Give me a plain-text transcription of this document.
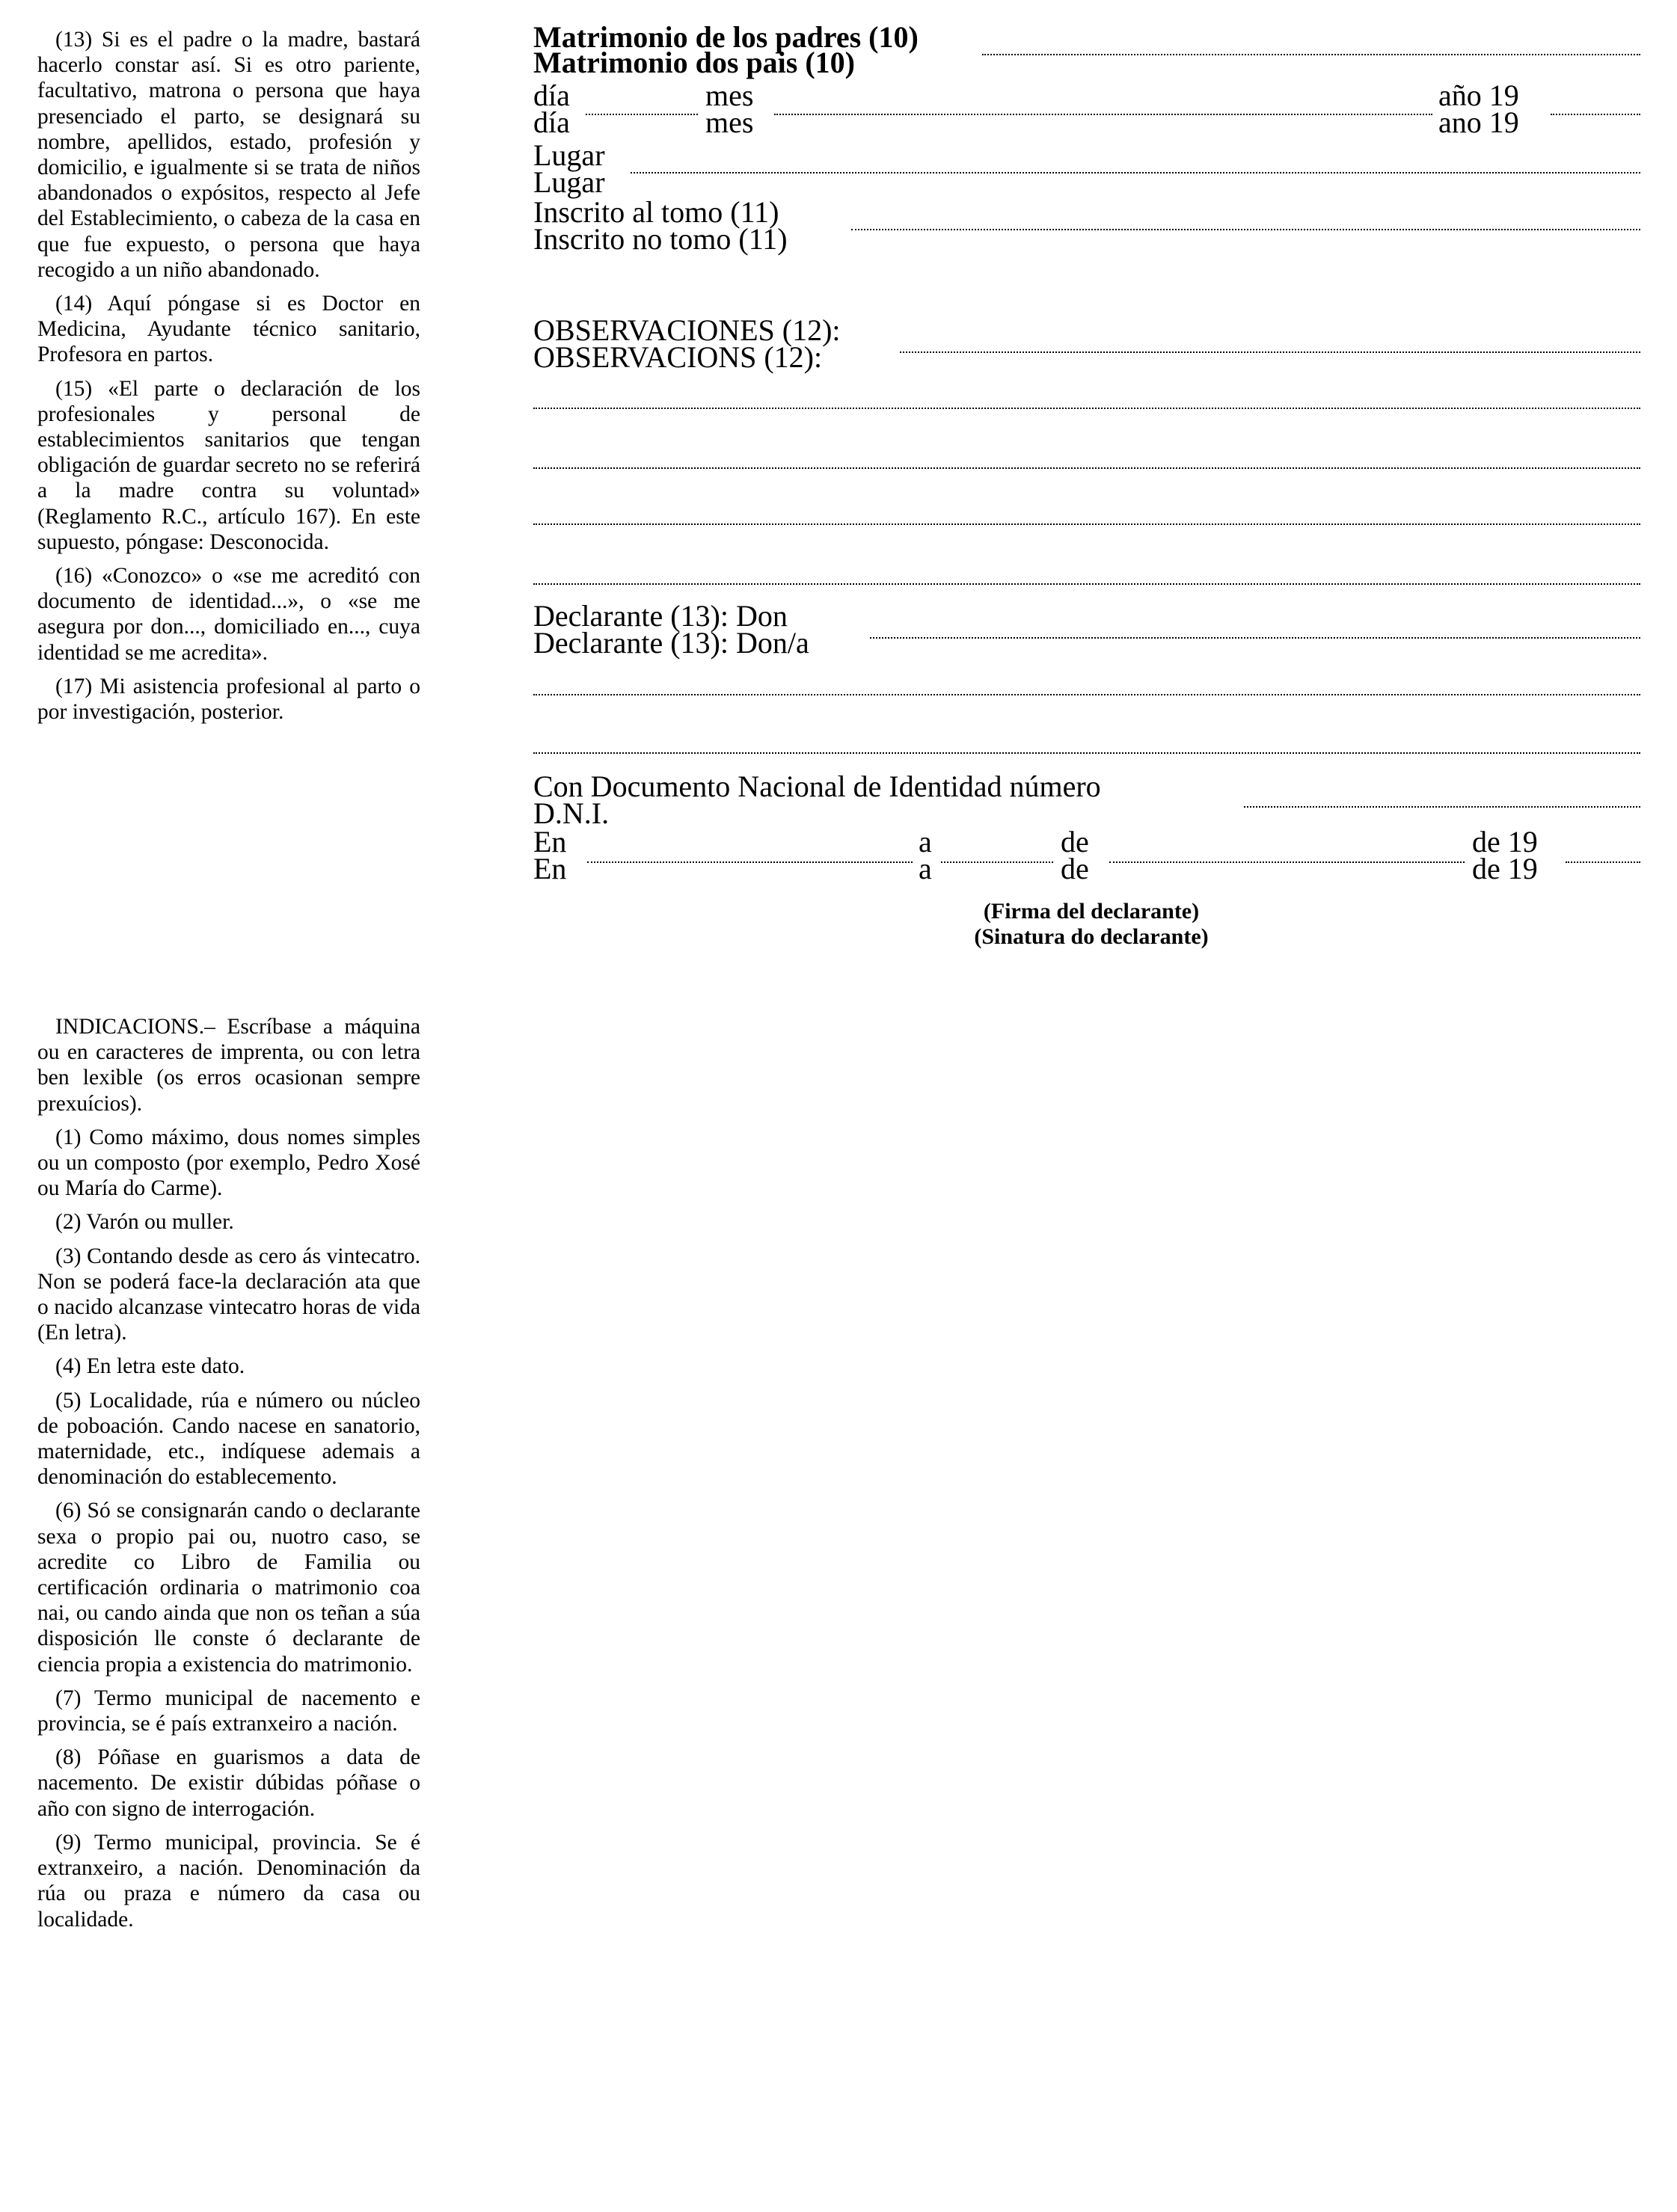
(13) Si es el padre o la madre, bastará hacerlo constar así. Si es otro pariente, facultativo, matrona o persona que haya presenciado el parto, se designará su nombre, apellidos, estado, profesión y domicilio, e igualmente si se trata de niños abandonados o expósitos, respecto al Jefe del Establecimiento, o cabeza de la casa en que fue expuesto, o persona que haya recogido a un niño abandonado.

(14) Aquí póngase si es Doctor en Medicina, Ayudante técnico sanitario, Profesora en partos.

(15) «El parte o declaración de los profesionales y personal de establecimientos sanitarios que tengan obligación de guardar secreto no se referirá a la madre contra su voluntad» (Reglamento R.C., artículo 167). En este supuesto, póngase: Desconocida.

(16) «Conozco» o «se me acreditó con documento de identidad...», o «se me asegura por don..., domiciliado en..., cuya identidad se me acredita».

(17) Mi asistencia profesional al parto o por investigación, posterior.

INDICACIONS.– Escríbase a máquina ou en caracteres de imprenta, ou con letra ben lexible (os erros ocasionan sempre prexuícios).

(1) Como máximo, dous nomes simples ou un composto (por exemplo, Pedro Xosé ou María do Carme).

(2) Varón ou muller.

(3) Contando desde as cero ás vintecatro. Non se poderá face-la declaración ata que o nacido alcanzase vintecatro horas de vida (En letra).

(4) En letra este dato.

(5) Localidade, rúa e número ou núcleo de poboación. Cando nacese en sanatorio, maternidade, etc., indíquese ademais a denominación do establecemento.

(6) Só se consignarán cando o declarante sexa o propio pai ou, nuotro caso, se acredite co Libro de Familia ou certificación ordinaria o matrimonio coa nai, ou cando ainda que non os teñan a súa disposición lle conste ó declarante de ciencia propia a existencia do matrimonio.

(7) Termo municipal de nacemento e provincia, se é país extranxeiro a nación.

(8) Póñase en guarismos a data de nacemento. De existir dúbidas póñase o año con signo de interrogación.

(9) Termo municipal, provincia. Se é extranxeiro, a nación. Denominación da rúa ou praza e número da casa ou localidade.

Matrimonio de los padres (10)
Matrimonio dos pais (10)
día	mes	año 19
día	mes	ano 19
Lugar
Lugar
Inscrito al tomo (11)
Inscrito no tomo (11)
OBSERVACIONES (12):
OBSERVACIONS (12):
Declarante (13): Don
Declarante (13): Don/a
Con Documento Nacional de Identidad número
D.N.I.
En	a	de	de 19
En	a	de	de 19
(Firma del declarante)
(Sinatura do declarante)
